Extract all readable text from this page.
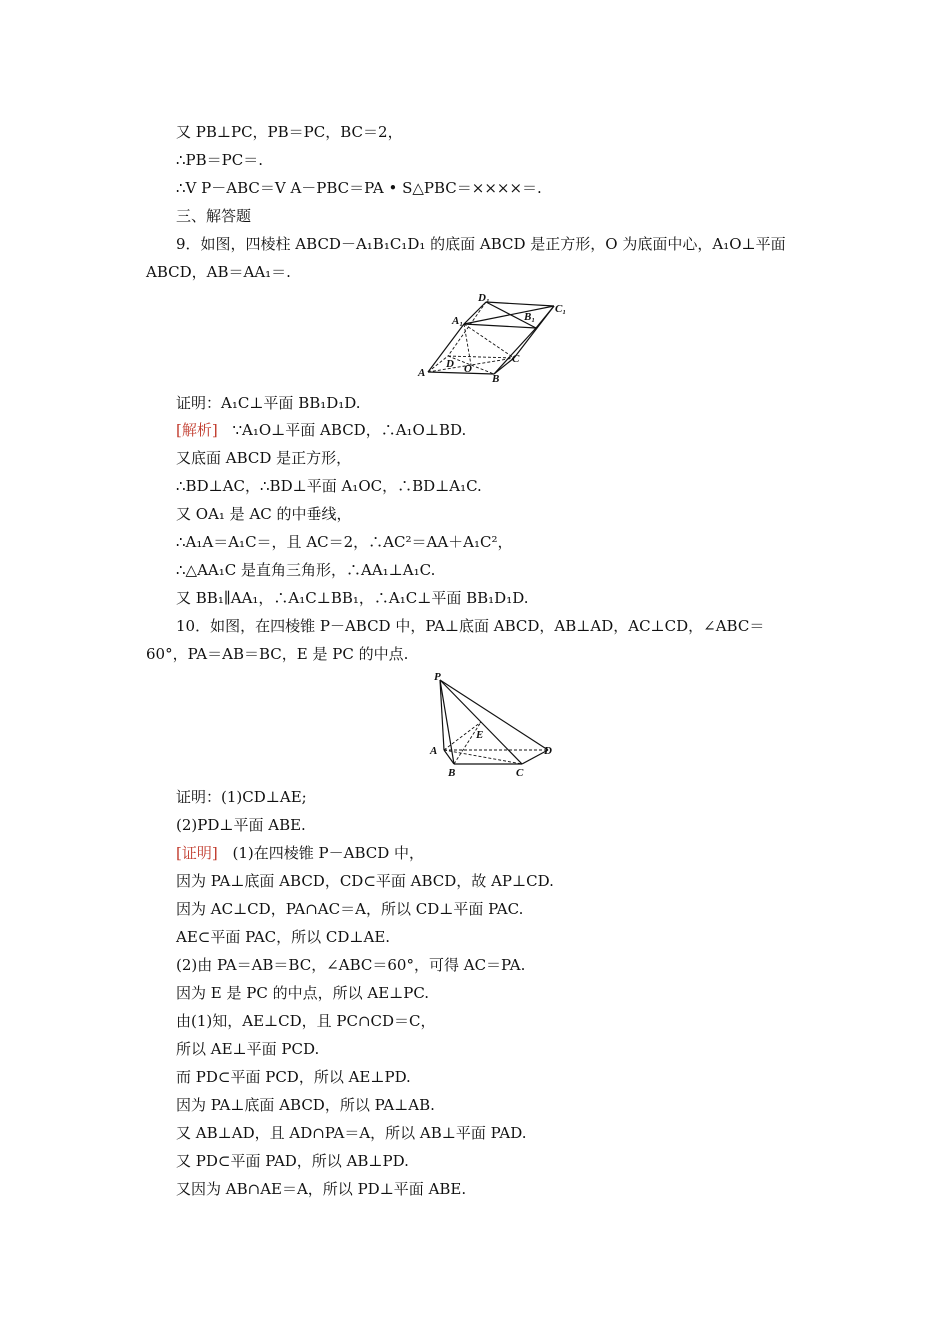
又 PB⊥PC，PB＝PC，BC＝2，
∴PB＝PC＝.
∴V P－ABC＝V A－PBC＝PA • S△PBC＝××××＝.
三、解答题
9．如图，四棱柱 ABCD－A₁B₁C₁D₁ 的底面 ABCD 是正方形，O 为底面中心，A₁O⊥平面
ABCD，AB＝AA₁＝.
D₁
C₁
A₁	B₁
A
D O
B
C
证明：A₁C⊥平面 BB₁D₁D.
[解析] ∵A₁O⊥平面 ABCD，∴A₁O⊥BD.
又底面 ABCD 是正方形，
∴BD⊥AC，∴BD⊥平面 A₁OC，∴BD⊥A₁C.
又 OA₁ 是 AC 的中垂线，
∴A₁A＝A₁C＝，且 AC＝2，∴AC²＝AA＋A₁C²，
∴△AA₁C 是直角三角形，∴AA₁⊥A₁C.
又 BB₁∥AA₁，∴A₁C⊥BB₁，∴A₁C⊥平面 BB₁D₁D.
10．如图，在四棱锥 P－ABCD 中，PA⊥底面 ABCD，AB⊥AD，AC⊥CD，∠ABC＝
60°，PA＝AB＝BC，E 是 PC 的中点.
P
E
A	D
B	C
证明：(1)CD⊥AE;
(2)PD⊥平面 ABE.
[证明] (1)在四棱锥 P－ABCD 中，
因为 PA⊥底面 ABCD，CD⊂平面 ABCD，故 AP⊥CD.
因为 AC⊥CD，PA∩AC＝A，所以 CD⊥平面 PAC.
AE⊂平面 PAC，所以 CD⊥AE.
(2)由 PA＝AB＝BC，∠ABC＝60°，可得 AC＝PA.
因为 E 是 PC 的中点，所以 AE⊥PC.
由(1)知，AE⊥CD，且 PC∩CD＝C，
所以 AE⊥平面 PCD.
而 PD⊂平面 PCD，所以 AE⊥PD.
因为 PA⊥底面 ABCD，所以 PA⊥AB.
又 AB⊥AD，且 AD∩PA＝A，所以 AB⊥平面 PAD.
又 PD⊂平面 PAD，所以 AB⊥PD.
又因为 AB∩AE＝A，所以 PD⊥平面 ABE.
